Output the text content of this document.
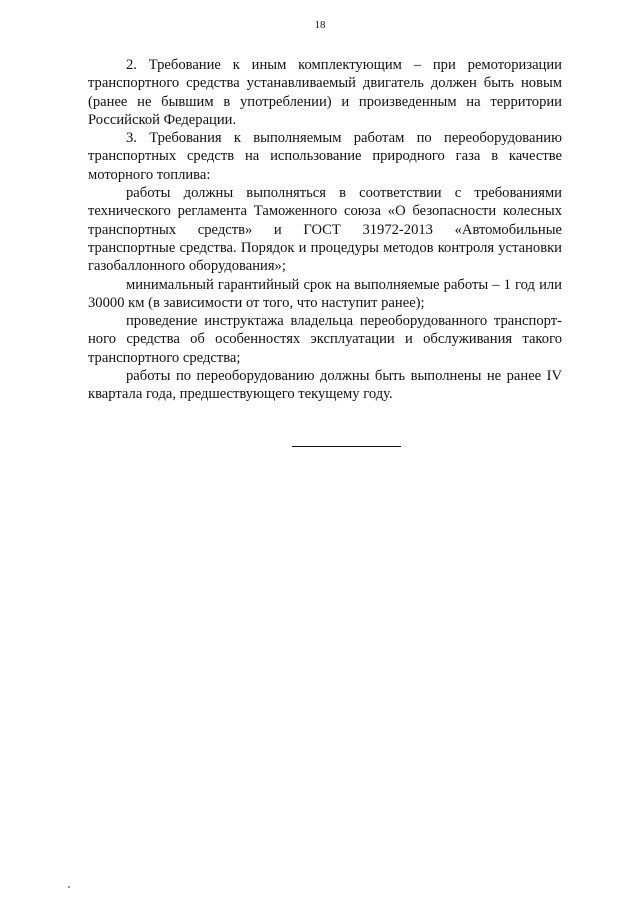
18

2. Требование к иным комплектующим – при ремоторизации транспортного средства устанавливаемый двигатель должен быть новым (ранее не бывшим в употреблении) и произведенным на территории Российской Федерации.

3. Требования к выполняемым работам по переоборудованию транспортных средств на использование природного газа в качестве моторного топлива:

работы должны выполняться в соответствии с требованиями технического регламента Таможенного союза «О безопасности колесных транспортных средств» и ГОСТ 31972-2013 «Автомобильные транспортные средства. Порядок и процедуры методов контроля установки газобаллонного оборудования»;

минимальный гарантийный срок на выполняемые работы – 1 год или 30000 км (в зависимости от того, что наступит ранее);

проведение инструктажа владельца переоборудованного транспорт-ного средства об особенностях эксплуатации и обслуживания такого транспортного средства;

работы по переоборудованию должны быть выполнены не ранее IV квартала года, предшествующего текущему году.
